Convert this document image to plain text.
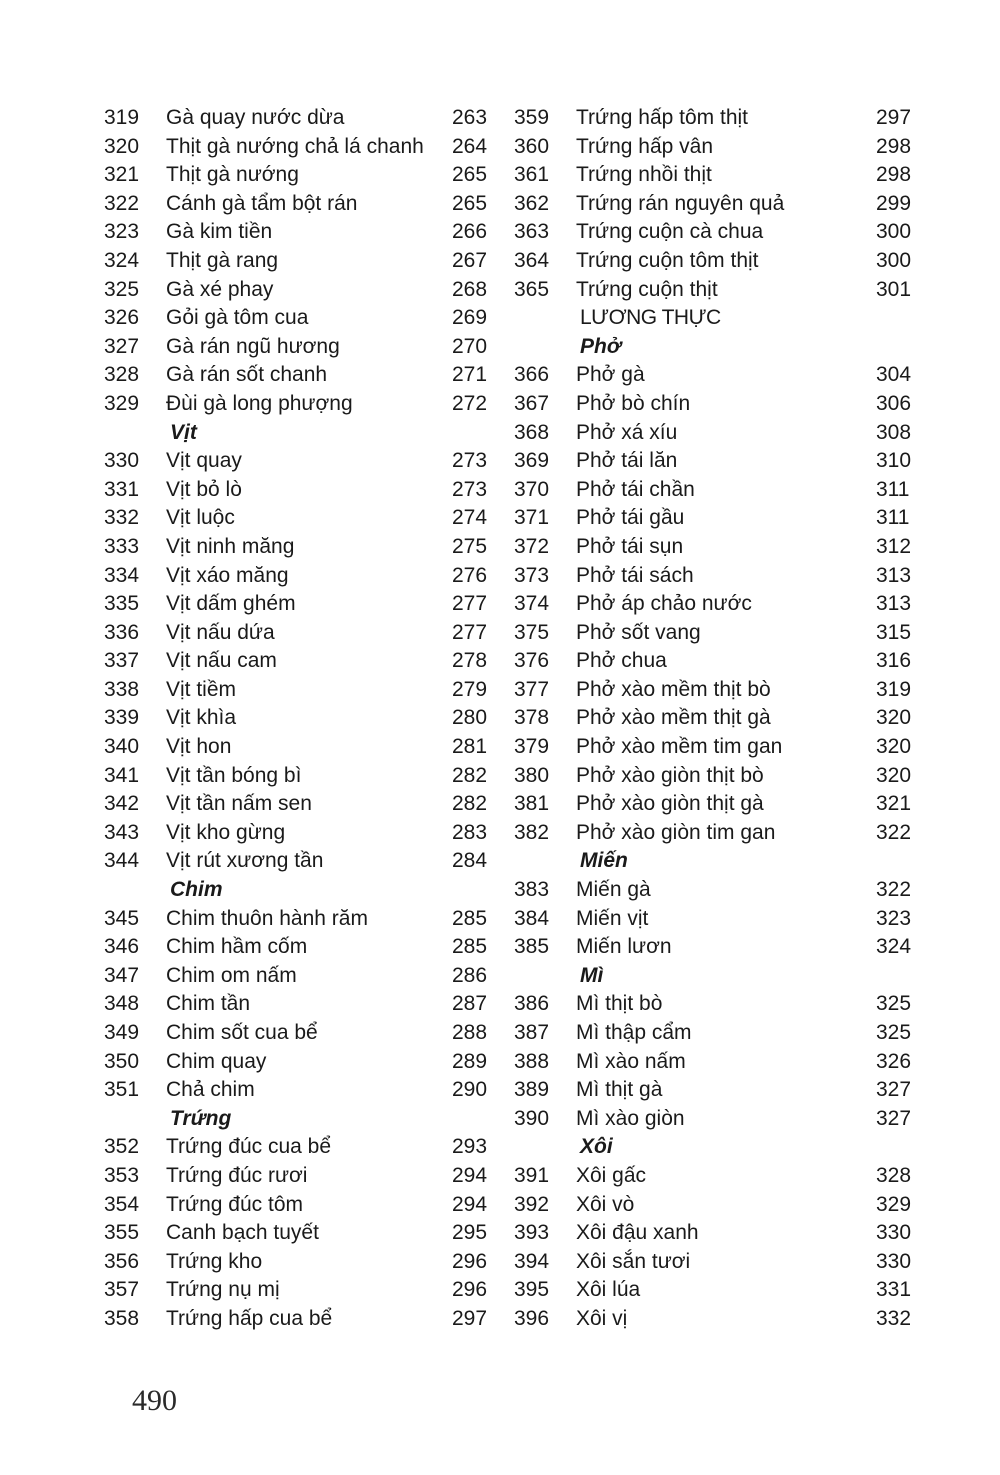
319	Gà quay nước dừa	263
320	Thịt gà nướng chả lá chanh 264
321	Thịt gà nướng	265
322	Cánh gà tẩm bột rán	265
323	Gà kim tiền	266
324	Thịt gà rang	267
325	Gà xé phay	268
326	Gỏi gà tôm cua	269
327	Gà rán ngũ hương	270
328	Gà rán sốt chanh	271
329	Đùi gà long phượng	272
Vịt
330	Vịt quay	273
331	Vịt bỏ lò	273
332	Vịt luộc	274
333	Vịt ninh măng	275
334	Vịt xáo măng	276
335	Vịt dấm ghém	277
336	Vịt nấu dứa	277
337	Vịt nấu cam	278
338	Vịt tiềm	279
339	Vịt khìa	280
340	Vịt hon	281
341	Vịt tần bóng bì	282
342	Vịt tần nấm sen	282
343	Vịt kho gừng	283
344	Vịt rút xương tần	284
Chim
345	Chim thuôn hành răm	285
346	Chim hầm cốm	285
347	Chim om nấm	286
348	Chim tần	287
349	Chim sốt cua bể	288
350	Chim quay	289
351	Chả chim	290
Trứng
352	Trứng đúc cua bể	293
353	Trứng đúc rươi	294
354	Trứng đúc tôm	294
355	Canh bạch tuyết	295
356	Trứng kho	296
357	Trứng nụ mị	296
358	Trứng hấp cua bể	297
359	Trứng hấp tôm thịt	297
360	Trứng hấp vân	298
361	Trứng nhồi thịt	298
362	Trứng rán nguyên quả	299
363	Trứng cuộn cà chua	300
364	Trứng cuộn tôm thịt	300
365	Trứng cuộn thịt	301
LƯƠNG THỰC
Phở
366	Phở gà	304
367	Phở bò chín	306
368	Phở xá xíu	308
369	Phở tái lăn	310
370	Phở tái chần	311
371	Phở tái gầu	311
372	Phở tái sụn	312
373	Phở tái sách	313
374	Phở áp chảo nước	313
375	Phở sốt vang	315
376	Phở chua	316
377	Phở xào mềm thịt bò	319
378	Phở xào mềm thịt gà	320
379	Phở xào mềm tim gan	320
380	Phở xào giòn thịt bò	320
381	Phở xào giòn thịt gà	321
382	Phở xào giòn tim gan	322
Miến
383	Miến gà	322
384	Miến vịt	323
385	Miến lươn	324
Mì
386	Mì thịt bò	325
387	Mì thập cẩm	325
388	Mì xào nấm	326
389	Mì thịt gà	327
390	Mì xào giòn	327
Xôi
391	Xôi gấc	328
392	Xôi vò	329
393	Xôi đậu xanh	330
394	Xôi sắn tươi	330
395	Xôi lúa	331
396	Xôi vị	332
490
